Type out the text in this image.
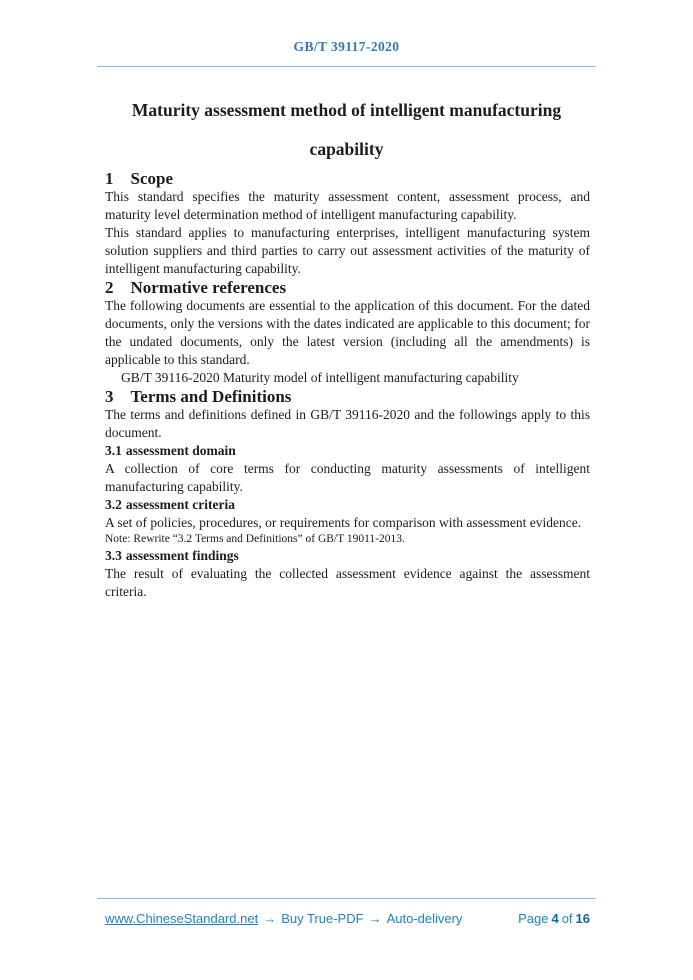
GB/T 39117-2020
Maturity assessment method of intelligent manufacturing
capability
1 Scope

This standard specifies the maturity assessment content, assessment process, and maturity level determination method of intelligent manufacturing capability.

This standard applies to manufacturing enterprises, intelligent manufacturing system solution suppliers and third parties to carry out assessment activities of the maturity of intelligent manufacturing capability.

2 Normative references

The following documents are essential to the application of this document. For the dated documents, only the versions with the dates indicated are applicable to this document; for the undated documents, only the latest version (including all the amendments) is applicable to this standard.

GB/T 39116-2020 Maturity model of intelligent manufacturing capability

3 Terms and Definitions

The terms and definitions defined in GB/T 39116-2020 and the followings apply to this document.

3.1 assessment domain

A collection of core terms for conducting maturity assessments of intelligent manufacturing capability.

3.2 assessment criteria

A set of policies, procedures, or requirements for comparison with assessment evidence.

Note: Rewrite “3.2 Terms and Definitions” of GB/T 19011-2013.

3.3 assessment findings

The result of evaluating the collected assessment evidence against the assessment criteria.

www.ChineseStandard.net → Buy True-PDF → Auto-delivery	Page 4 of 16
